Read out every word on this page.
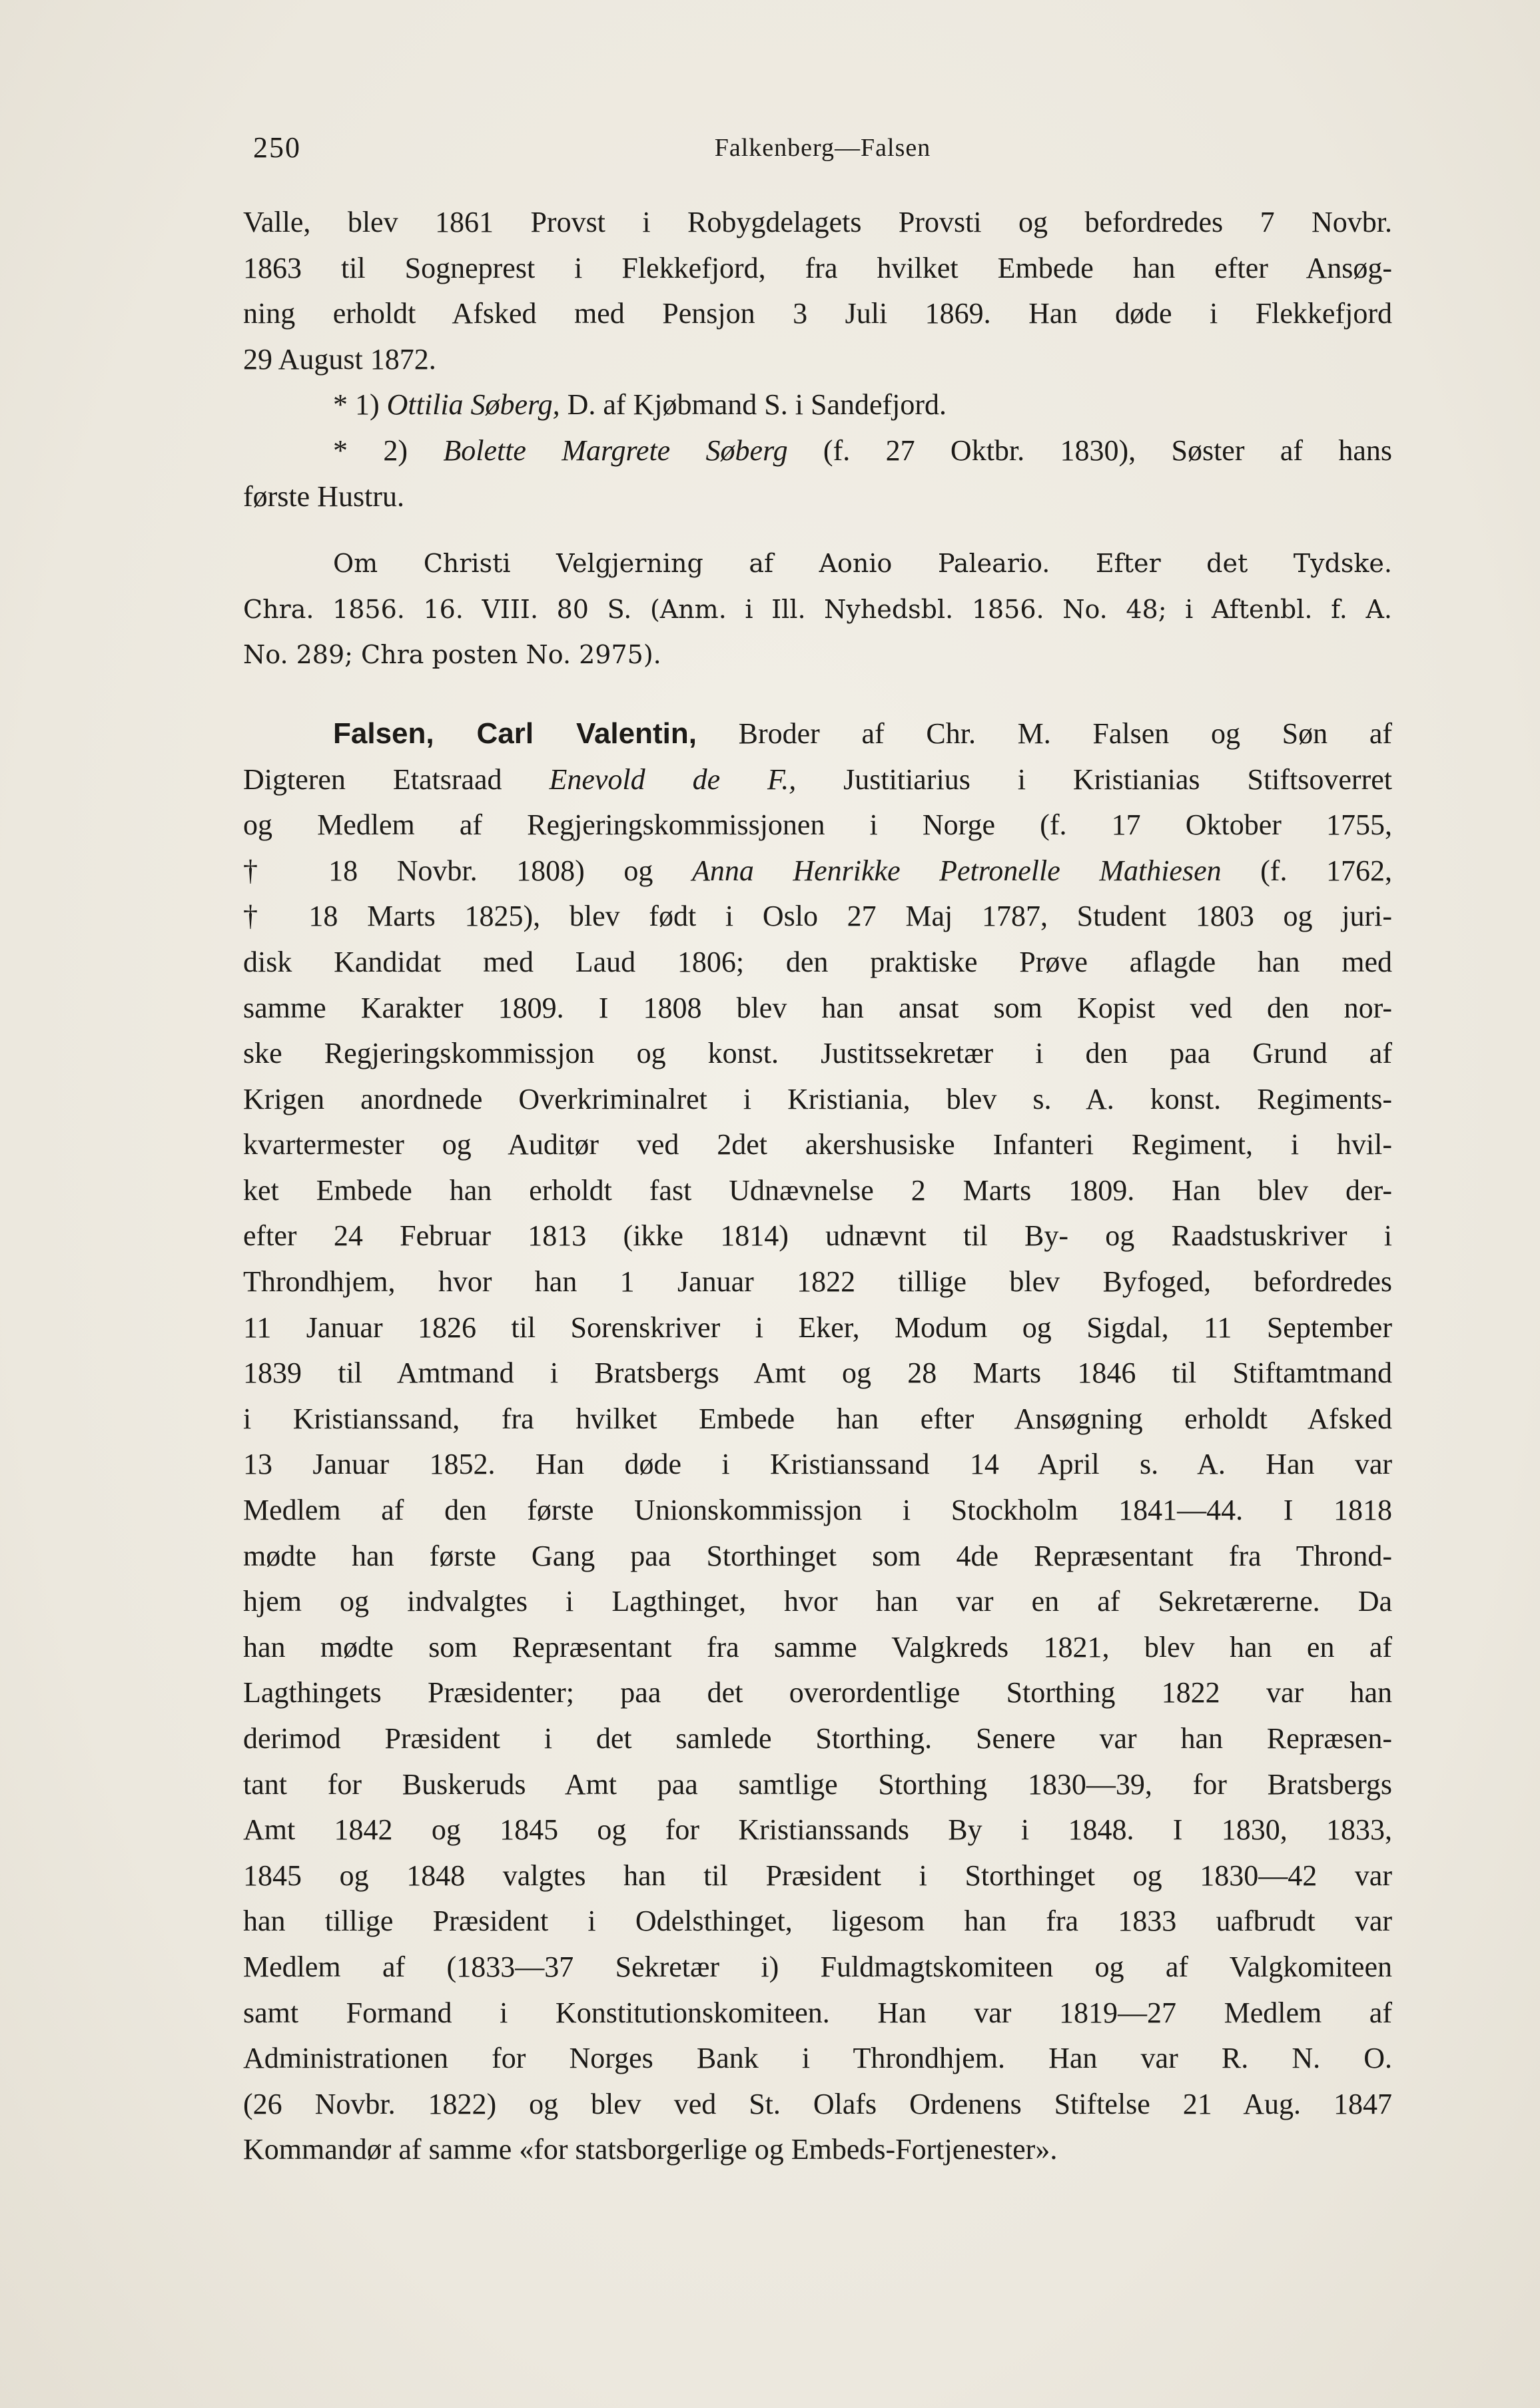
250	Falkenberg—Falsen
Valle, blev 1861 Provst i Robygdelagets Provsti og befordredes 7 Novbr.
1863 til Sogneprest i Flekkefjord, fra hvilket Embede han efter Ansøg-
ning erholdt Afsked med Pensjon 3 Juli 1869. Han døde i Flekkefjord
29 August 1872.
* 1) Ottilia Søberg, D. af Kjøbmand S. i Sandefjord.
* 2) Bolette Margrete Søberg (f. 27 Oktbr. 1830), Søster af hans
første Hustru.
Om Christi Velgjerning af Aonio Paleario. Efter det Tydske.
Chra. 1856. 16. VIII. 80 S. (Anm. i Ill. Nyhedsbl. 1856. No. 48; i Aftenbl. f. A.
No. 289; Chra posten No. 2975).
Falsen, Carl Valentin, Broder af Chr. M. Falsen og Søn af
Digteren Etatsraad Enevold de F., Justitiarius i Kristianias Stiftsoverret
og Medlem af Regjeringskommissjonen i Norge (f. 17 Oktober 1755,
† 18 Novbr. 1808) og Anna Henrikke Petronelle Mathiesen (f. 1762,
† 18 Marts 1825), blev født i Oslo 27 Maj 1787, Student 1803 og juri-
disk Kandidat med Laud 1806; den praktiske Prøve aflagde han med
samme Karakter 1809. I 1808 blev han ansat som Kopist ved den nor-
ske Regjeringskommissjon og konst. Justitssekretær i den paa Grund af
Krigen anordnede Overkriminalret i Kristiania, blev s. A. konst. Regiments-
kvartermester og Auditør ved 2det akershusiske Infanteri Regiment, i hvil-
ket Embede han erholdt fast Udnævnelse 2 Marts 1809. Han blev der-
efter 24 Februar 1813 (ikke 1814) udnævnt til By- og Raadstuskriver i
Throndhjem, hvor han 1 Januar 1822 tillige blev Byfoged, befordredes
11 Januar 1826 til Sorenskriver i Eker, Modum og Sigdal, 11 September
1839 til Amtmand i Bratsbergs Amt og 28 Marts 1846 til Stiftamtmand
i Kristianssand, fra hvilket Embede han efter Ansøgning erholdt Afsked
13 Januar 1852. Han døde i Kristianssand 14 April s. A. Han var
Medlem af den første Unionskommissjon i Stockholm 1841—44. I 1818
mødte han første Gang paa Storthinget som 4de Repræsentant fra Thrond-
hjem og indvalgtes i Lagthinget, hvor han var en af Sekretærerne. Da
han mødte som Repræsentant fra samme Valgkreds 1821, blev han en af
Lagthingets Præsidenter; paa det overordentlige Storthing 1822 var han
derimod Præsident i det samlede Storthing. Senere var han Repræsen-
tant for Buskeruds Amt paa samtlige Storthing 1830—39, for Bratsbergs
Amt 1842 og 1845 og for Kristianssands By i 1848. I 1830, 1833,
1845 og 1848 valgtes han til Præsident i Storthinget og 1830—42 var
han tillige Præsident i Odelsthinget, ligesom han fra 1833 uafbrudt var
Medlem af (1833—37 Sekretær i) Fuldmagtskomiteen og af Valgkomiteen
samt Formand i Konstitutionskomiteen. Han var 1819—27 Medlem af
Administrationen for Norges Bank i Throndhjem. Han var R. N. O.
(26 Novbr. 1822) og blev ved St. Olafs Ordenens Stiftelse 21 Aug. 1847
Kommandør af samme «for statsborgerlige og Embeds-Fortjenester».
